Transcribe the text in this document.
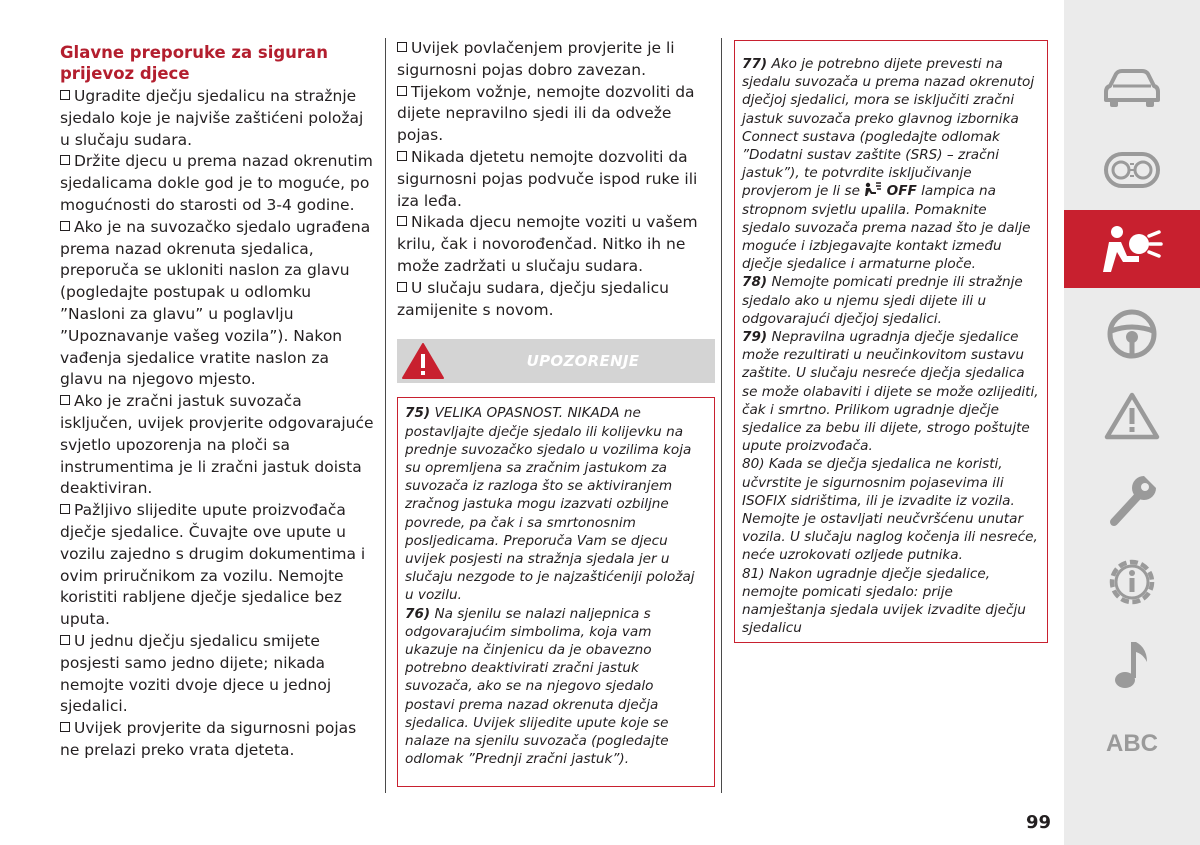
Glavne preporuke za siguran prijevoz djece

Ugradite dječju sjedalicu na stražnje sjedalo koje je najviše zaštićeni položaj u slučaju sudara.

Držite djecu u prema nazad okrenutim sjedalicama dokle god je to moguće, po mogućnosti do starosti od 3-4 godine.

Ako je na suvozačko sjedalo ugrađena prema nazad okrenuta sjedalica, preporuča se ukloniti naslon za glavu (pogledajte postupak u odlomku ”Nasloni za glavu” u poglavlju ”Upoznavanje vašeg vozila”). Nakon vađenja sjedalice vratite naslon za glavu na njegovo mjesto.

Ako je zračni jastuk suvozača isključen, uvijek provjerite odgovarajuće svjetlo upozorenja na ploči sa instrumentima je li zračni jastuk doista deaktiviran.

Pažljivo slijedite upute proizvođača dječje sjedalice. Čuvajte ove upute u vozilu zajedno s drugim dokumentima i ovim priručnikom za vozilu. Nemojte koristiti rabljene dječje sjedalice bez uputa.

U jednu dječju sjedalicu smijete posjesti samo jedno dijete; nikada nemojte voziti dvoje djece u jednoj sjedalici.

Uvijek provjerite da sigurnosni pojas ne prelazi preko vrata djeteta.

Uvijek povlačenjem provjerite je li sigurnosni pojas dobro zavezan.

Tijekom vožnje, nemojte dozvoliti da dijete nepravilno sjedi ili da odveže pojas.

Nikada djetetu nemojte dozvoliti da sigurnosni pojas podvuče ispod ruke ili iza leđa.

Nikada djecu nemojte voziti u vašem krilu, čak i novorođenčad. Nitko ih ne može zadržati u slučaju sudara.

U slučaju sudara, dječju sjedalicu zamijenite s novom.

UPOZORENJE

75) VELIKA OPASNOST. NIKADA ne postavljajte dječje sjedalo ili kolijevku na prednje suvozačko sjedalo u vozilima koja su opremljena sa zračnim jastukom za suvozača iz razloga što se aktiviranjem zračnog jastuka mogu izazvati ozbiljne povrede, pa čak i sa smrtonosnim posljedicama. Preporuča Vam se djecu uvijek posjesti na stražnja sjedala jer u slučaju nezgode to je najzaštićeniji položaj u vozilu.

76) Na sjenilu se nalazi naljepnica s odgovarajućim simbolima, koja vam ukazuje na činjenicu da je obavezno potrebno deaktivirati zračni jastuk suvozača, ako se na njegovo sjedalo postavi prema nazad okrenuta dječja sjedalica. Uvijek slijedite upute koje se nalaze na sjenilu suvozača (pogledajte odlomak ”Prednji zračni jastuk”).

77) Ako je potrebno dijete prevesti na sjedalu suvozača u prema nazad okrenutoj dječjoj sjedalici, mora se isključiti zračni jastuk suvozača preko glavnog izbornika Connect sustava (pogledajte odlomak ”Dodatni sustav zaštite (SRS) – zračni jastuk”), te potvrdite isključivanje provjerom je li se OFF lampica na stropnom svjetlu upalila. Pomaknite sjedalo suvozača prema nazad što je dalje moguće i izbjegavajte kontakt između dječje sjedalice i armaturne ploče.

78) Nemojte pomicati prednje ili stražnje sjedalo ako u njemu sjedi dijete ili u odgovarajući dječjoj sjedalici.

79) Nepravilna ugradnja dječje sjedalice može rezultirati u neučinkovitom sustavu zaštite. U slučaju nesreće dječja sjedalica se može olabaviti i dijete se može ozlijediti, čak i smrtno. Prilikom ugradnje dječje sjedalice za bebu ili dijete, strogo poštujte upute proizvođača.

80) Kada se dječja sjedalica ne koristi, učvrstite je sigurnosnim pojasevima ili ISOFIX sidrištima, ili je izvadite iz vozila. Nemojte je ostavljati neučvršćenu unutar vozila. U slučaju naglog kočenja ili nesreće, neće uzrokovati ozljede putnika.

81) Nakon ugradnje dječje sjedalice, nemojte pomicati sjedalo: prije namještanja sjedala uvijek izvadite dječju sjedalicu

ABC
99
